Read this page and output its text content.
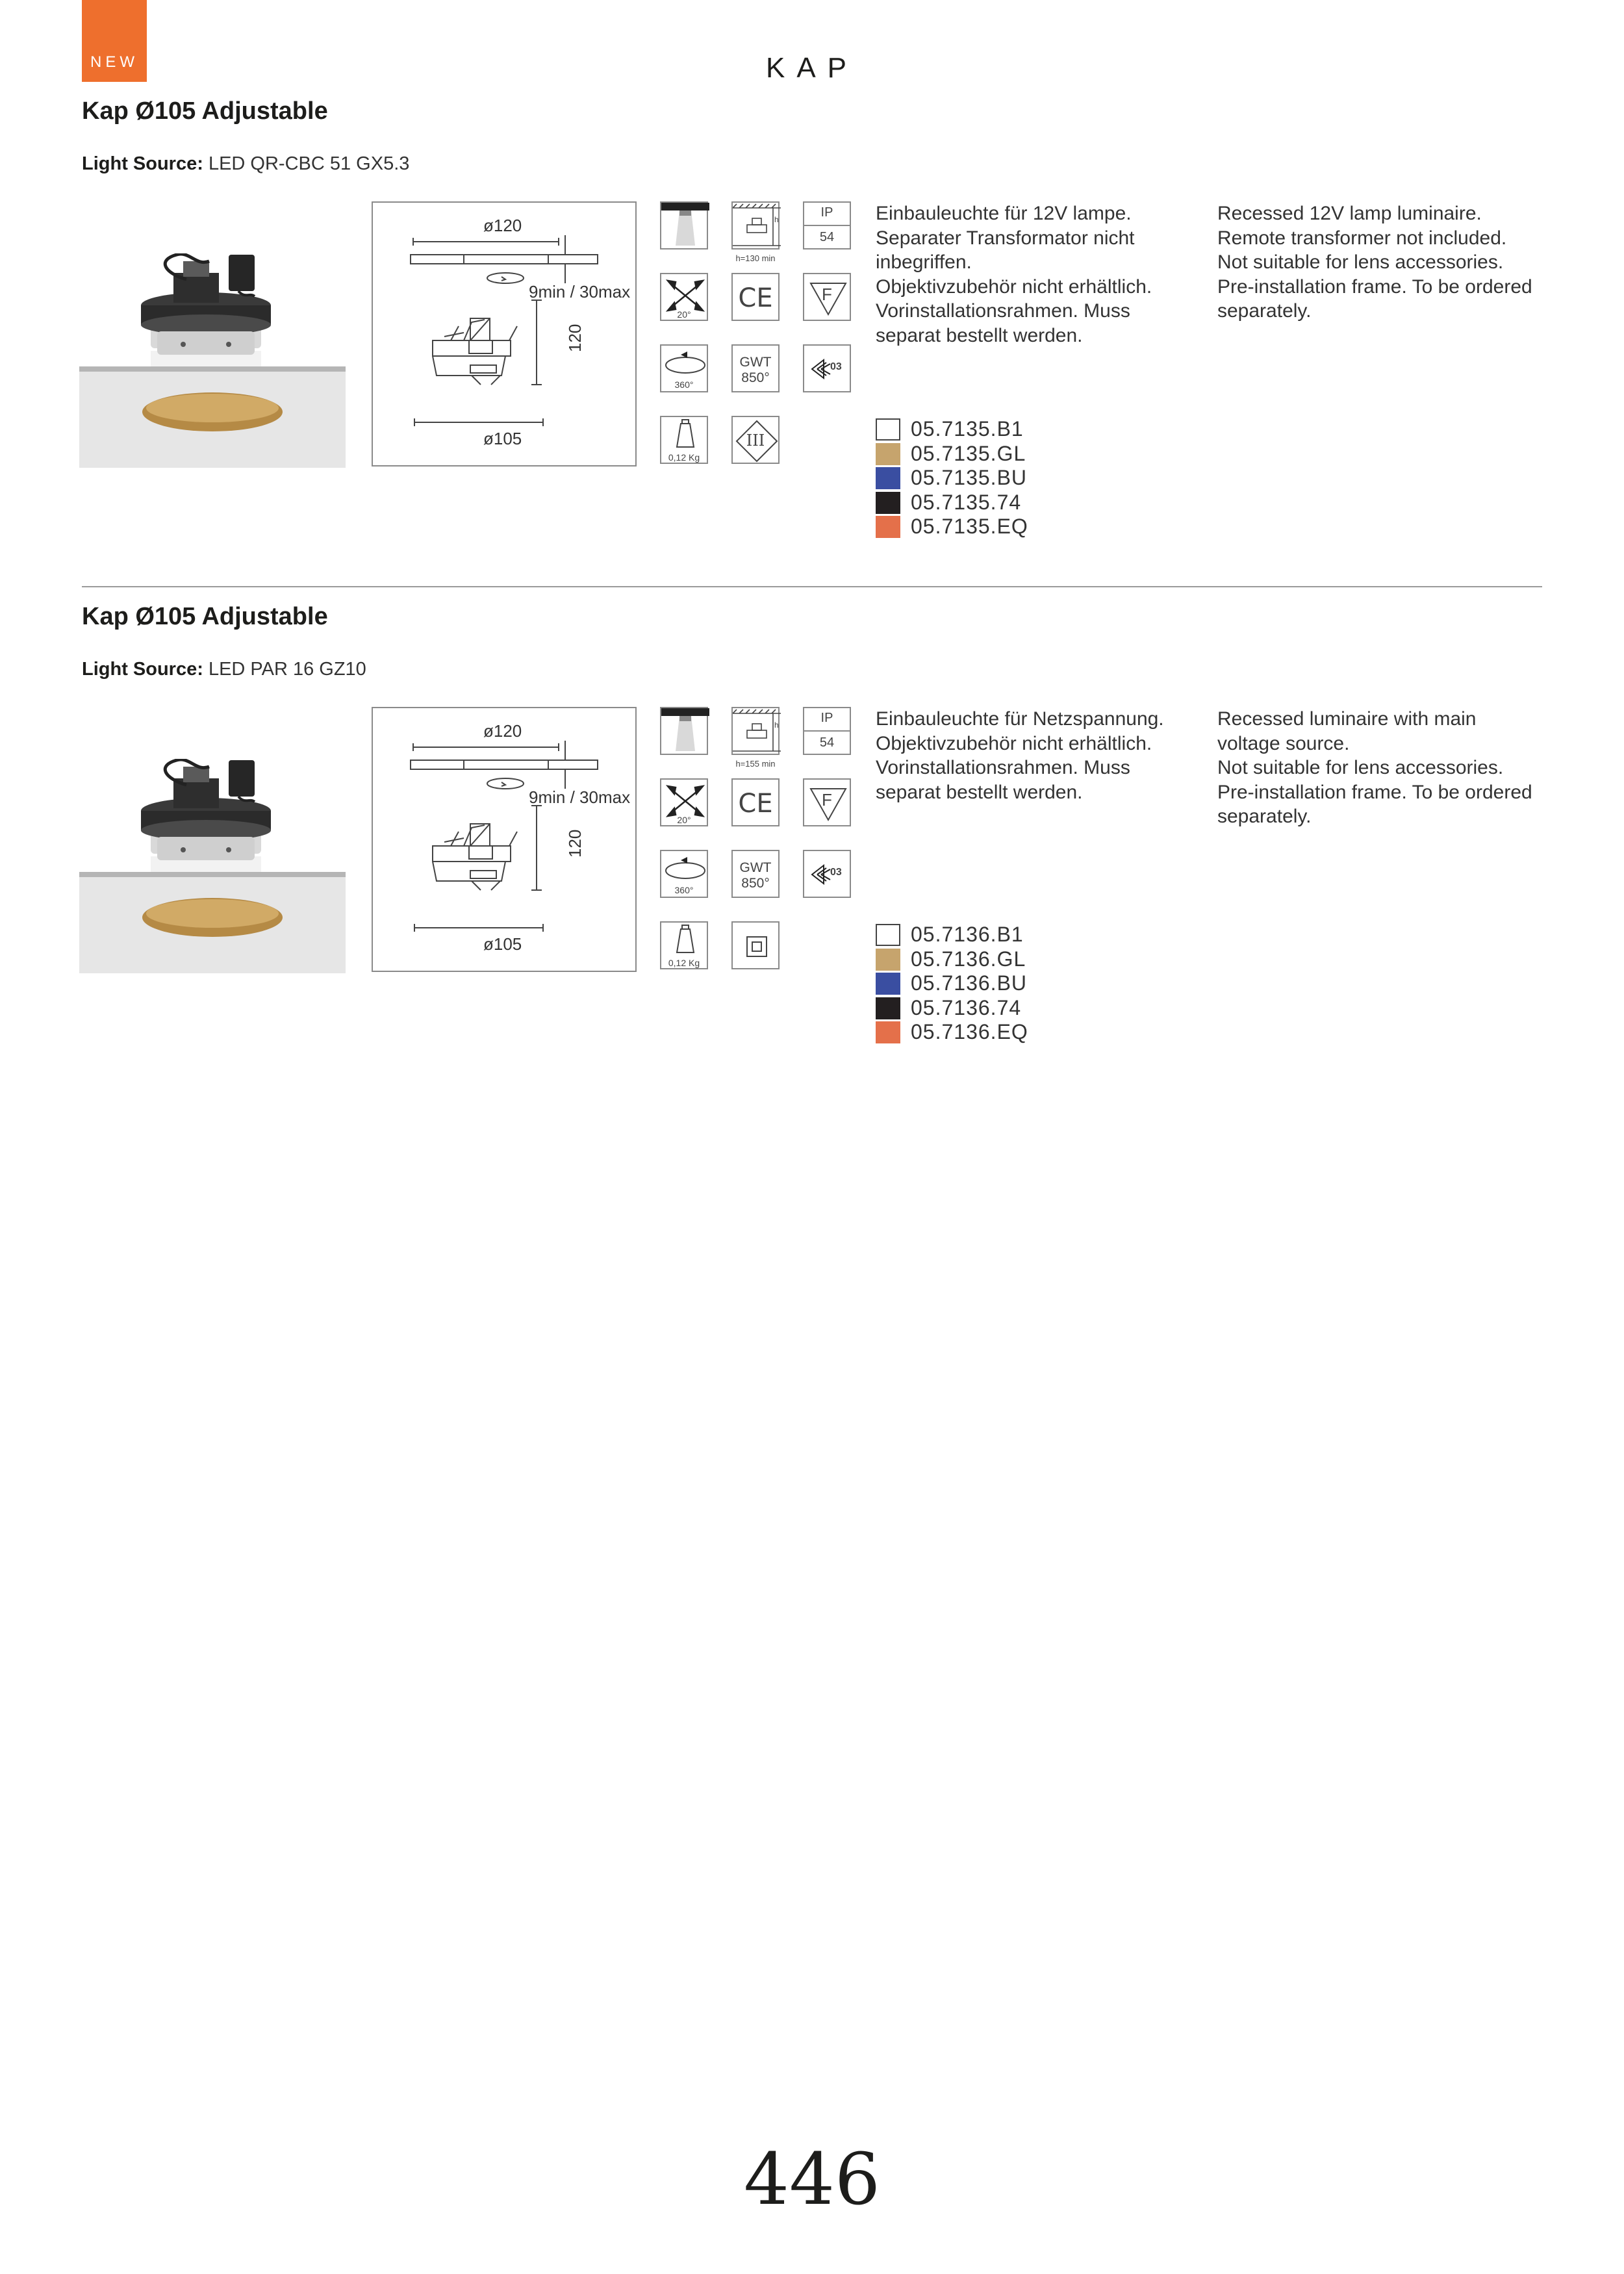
NEW	KAP
Kap Ø105 Adjustable
Light Source: LED QR-CBC 51 GX5.3
ø120
9min / 30max
120
ø105
h	IP
54
h=130 min
20°
CE	F
360°
GWT
850°
03
0,12 Kg
III
Einbauleuchte für 12V lampe.
Separater Transformator nicht
inbegriffen.
Objektivzubehör nicht erhältlich.
Vorinstallationsrahmen. Muss
separat bestellt werden.
Recessed 12V lamp luminaire.
Remote transformer not included.
Not suitable for lens accessories.
Pre-installation frame. To be ordered
separately.
05.7135.B1
05.7135.GL
05.7135.BU
05.7135.74
05.7135.EQ
Kap Ø105 Adjustable
Light Source: LED PAR 16 GZ10
ø120
9min / 30max
120
ø105
h	IP
54
h=155 min
20°
CE	F
360°
GWT
850°
03
0,12 Kg
Einbauleuchte für Netzspannung.
Objektivzubehör nicht erhältlich.
Vorinstallationsrahmen. Muss
separat bestellt werden.
Recessed luminaire with main
voltage source.
Not suitable for lens accessories.
Pre-installation frame. To be ordered
separately.
05.7136.B1
05.7136.GL
05.7136.BU
05.7136.74
05.7136.EQ
446
